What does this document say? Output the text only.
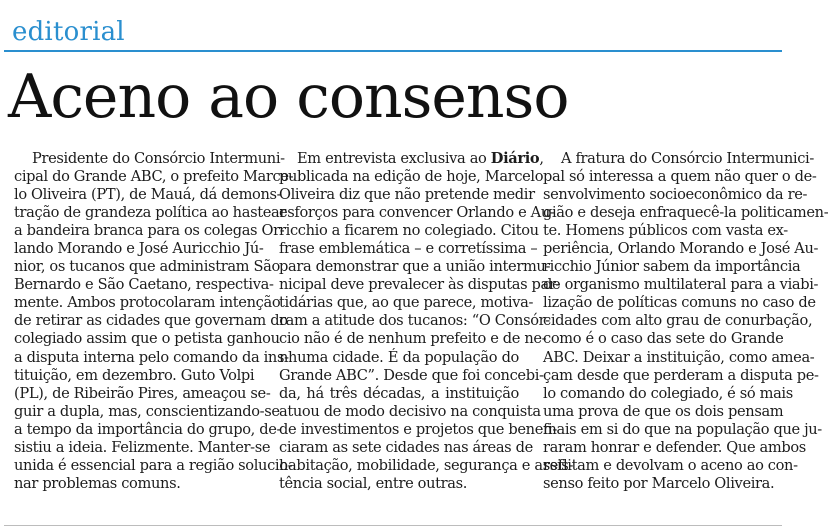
editorial
Aceno ao consenso
Presidente do Consórcio Intermuni-
cipal do Grande ABC, o prefeito Marce-
lo Oliveira (PT), de Mauá, dá demons-
tração de grandeza política ao hastear
a bandeira branca para os colegas Or-
lando Morando e José Auricchio Jú-
nior, os tucanos que administram São
Bernardo e São Caetano, respectiva-
mente. Ambos protocolaram intenção
de retirar as cidades que governam do
colegiado assim que o petista ganhou
a disputa interna pelo comando da ins-
tituição, em dezembro. Guto Volpi
(PL), de Ribeirão Pires, ameaçou se-
guir a dupla, mas, conscientizando-se
a tempo da importância do grupo, de-
sistiu a ideia. Felizmente. Manter-se
unida é essencial para a região solucio-
nar problemas comuns.
Em entrevista exclusiva ao Diário,
publicada na edição de hoje, Marcelo
Oliveira diz que não pretende medir
esforços para convencer Orlando e Au-
ricchio a ficarem no colegiado. Citou
frase emblemática – e corretíssima –
para demonstrar que a união intermu-
nicipal deve prevalecer às disputas par-
tidárias que, ao que parece, motiva-
ram a atitude dos tucanos: “O Consór-
cio não é de nenhum prefeito e de ne-
nhuma cidade. É da população do
Grande ABC”. Desde que foi concebi-
da, há três décadas, a instituição
atuou de modo decisivo na conquista
de investimentos e projetos que benefi-
ciaram as sete cidades nas áreas de
habitação, mobilidade, segurança e assis-
tência social, entre outras.
A fratura do Consórcio Intermunici-
pal só interessa a quem não quer o de-
senvolvimento socioeconômico da re-
gião e deseja enfraquecê-la politicamen-
te. Homens públicos com vasta ex-
periência, Orlando Morando e José Au-
ricchio Júnior sabem da importância
de organismo multilateral para a viabi-
lização de políticas comuns no caso de
cidades com alto grau de conurbação,
como é o caso das sete do Grande
ABC. Deixar a instituição, como amea-
çam desde que perderam a disputa pe-
lo comando do colegiado, é só mais
uma prova de que os dois pensam
mais em si do que na população que ju-
raram honrar e defender. Que ambos
reflitam e devolvam o aceno ao con-
senso feito por Marcelo Oliveira.
